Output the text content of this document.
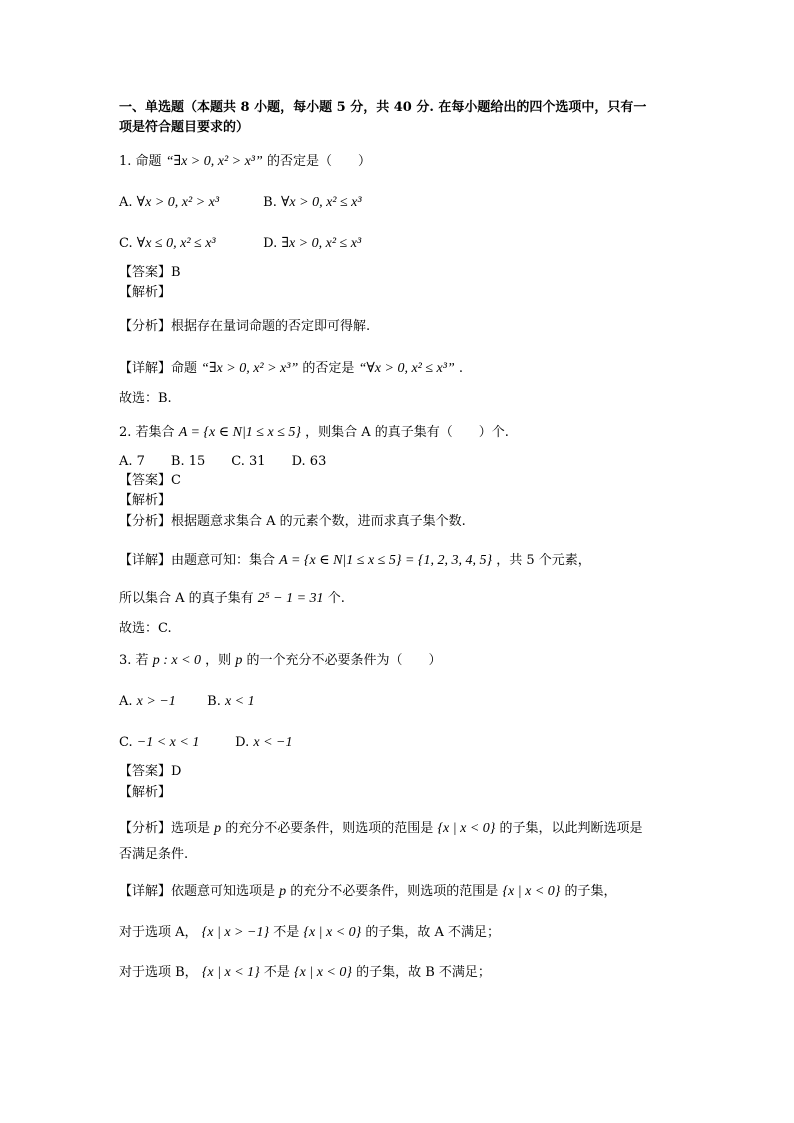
一、单选题（本题共 8 小题，每小题 5 分，共 40 分. 在每小题给出的四个选项中，只有一
项是符合题目要求的）
1. 命题 “∃x > 0, x² > x³” 的否定是（　　）
A. ∀x > 0, x² > x³	B. ∀x > 0, x² ≤ x³
C. ∀x ≤ 0, x² ≤ x³	D. ∃x > 0, x² ≤ x³
【答案】B
【解析】
【分析】根据存在量词命题的否定即可得解.
【详解】命题 “∃x > 0, x² > x³” 的否定是 “∀x > 0, x² ≤ x³” .
故选：B.
2. 若集合 A = {x ∈ N|1 ≤ x ≤ 5} ，则集合 A 的真子集有（　　）个.
A. 7　　B. 15　　C. 31　　D. 63
【答案】C
【解析】
【分析】根据题意求集合 A 的元素个数，进而求真子集个数.
【详解】由题意可知：集合 A = {x ∈ N|1 ≤ x ≤ 5} = {1, 2, 3, 4, 5} ，共 5 个元素，
所以集合 A 的真子集有 2⁵ − 1 = 31 个.
故选：C.
3. 若 p : x < 0 ，则 p 的一个充分不必要条件为（　　）
A. x > −1 B. x < 1
C. −1 < x < 1	D. x < −1
【答案】D
【解析】
【分析】选项是 p 的充分不必要条件，则选项的范围是 {x | x < 0} 的子集，以此判断选项是
否满足条件.
【详解】依题意可知选项是 p 的充分不必要条件，则选项的范围是 {x | x < 0} 的子集，
对于选项 A， {x | x > −1} 不是 {x | x < 0} 的子集，故 A 不满足；
对于选项 B， {x | x < 1} 不是 {x | x < 0} 的子集，故 B 不满足；
